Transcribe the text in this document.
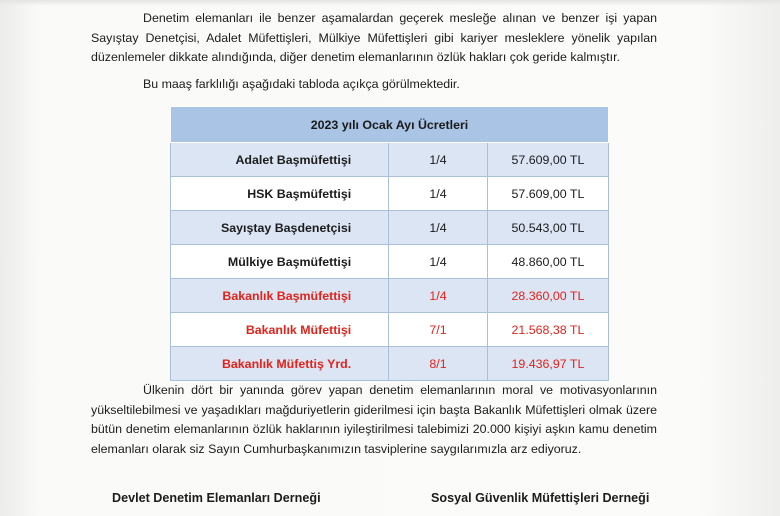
Denetim elemanları ile benzer aşamalardan geçerek mesleğe alınan ve benzer işi yapan Sayıştay Denetçisi, Adalet Müfettişleri, Mülkiye Müfettişleri gibi kariyer mesleklere yönelik yapılan düzenlemeler dikkate alındığında, diğer denetim elemanlarının özlük hakları çok geride kalmıştır.

Bu maaş farklılığı aşağıdaki tabloda açıkça görülmektedir.

2023 yılı Ocak Ayı Ücretleri		
Adalet Başmüfettişi	1/4	57.609,00 TL
HSK Başmüfettişi	1/4	57.609,00 TL
Sayıştay Başdenetçisi	1/4	50.543,00 TL
Mülkiye Başmüfettişi	1/4	48.860,00 TL
Bakanlık Başmüfettişi	1/4	28.360,00 TL
Bakanlık Müfettişi	7/1	21.568,38 TL
Bakanlık Müfettiş Yrd.	8/1	19.436,97 TL

Ülkenin dört bir yanında görev yapan denetim elemanlarının moral ve motivasyonlarının yükseltilebilmesi ve yaşadıkları mağduriyetlerin giderilmesi için başta Bakanlık Müfettişleri olmak üzere bütün denetim elemanlarının özlük haklarının iyileştirilmesi talebimizi 20.000 kişiyi aşkın kamu denetim elemanları olarak siz Sayın Cumhurbaşkanımızın tasviplerine saygılarımızla arz ediyoruz.

Devlet Denetim Elemanları Derneği	Sosyal Güvenlik Müfettişleri Derneği
